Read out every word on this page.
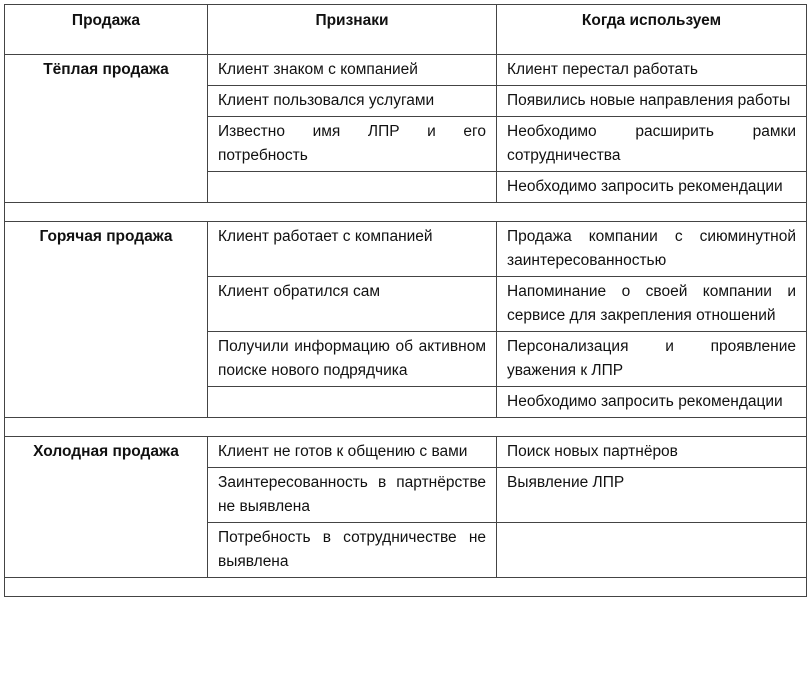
Продажа	Признаки	Когда используем
Тёплая продажа	Клиент знаком с компанией	Клиент перестал работать
	Клиент пользовался услугами	Появились новые направления работы
	Известно имя ЛПР и его потребность	Необходимо расширить рамки сотрудничества
		Необходимо запросить рекомендации

Горячая продажа	Клиент работает с компанией	Продажа компании с сиюминутной заинтересованностью
	Клиент обратился сам	Напоминание о своей компании и сервисе для закрепления отношений
	Получили информацию об активном поиске нового подрядчика	Персонализация и проявление уважения к ЛПР
		Необходимо запросить рекомендации

Холодная продажа	Клиент не готов к общению с вами	Поиск новых партнёров
	Заинтересованность в партнёрстве не выявлена	Выявление ЛПР
	Потребность в сотрудничестве не выявлена	
